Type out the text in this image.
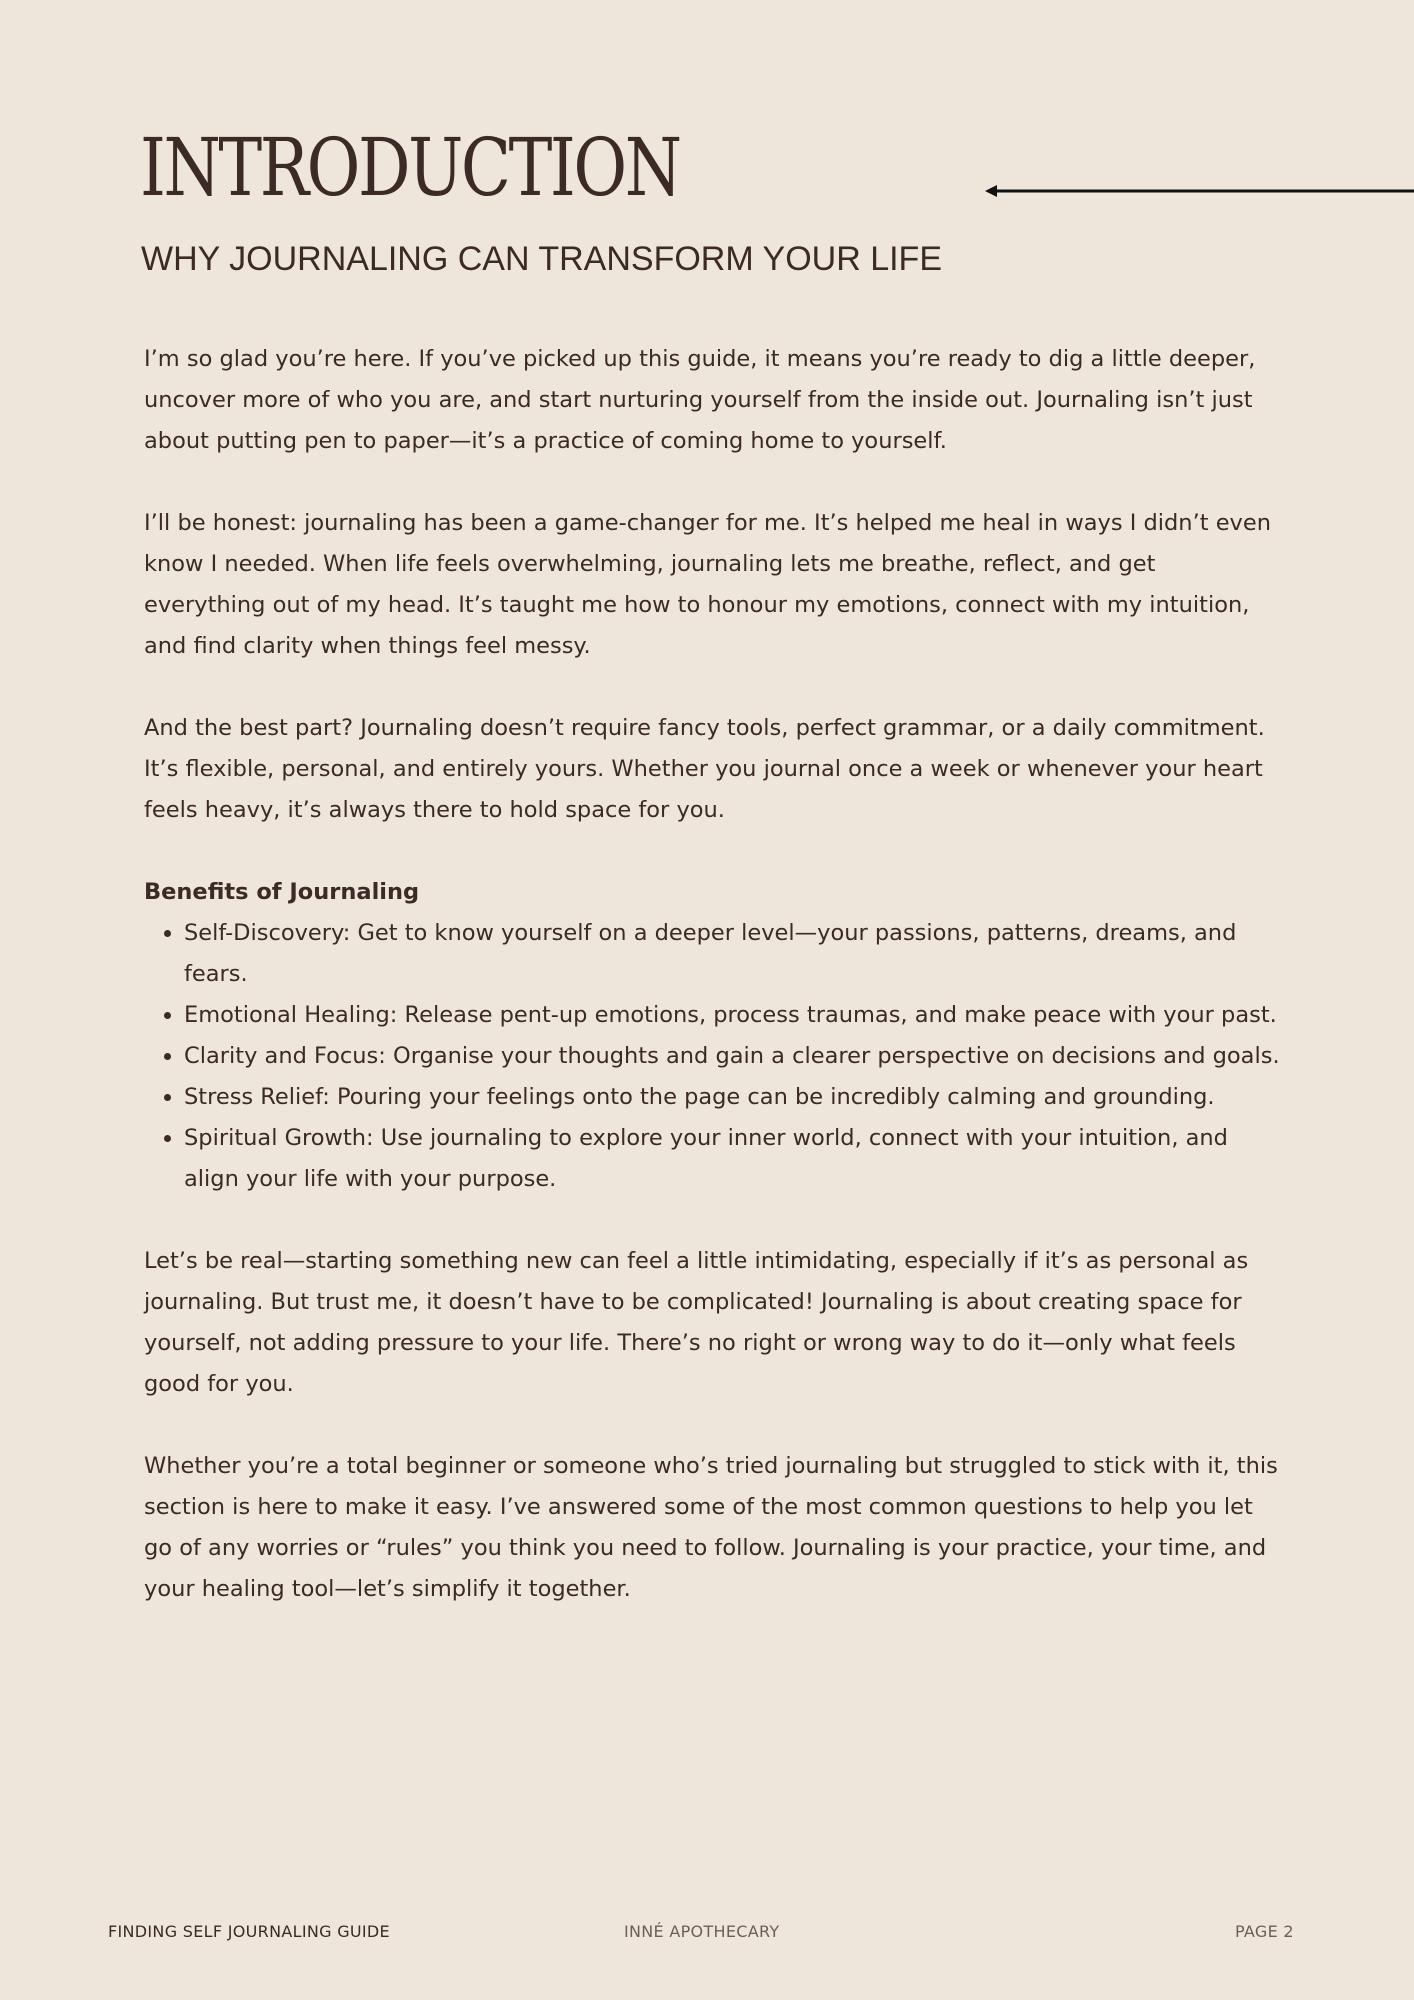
INTRODUCTION
WHY JOURNALING CAN TRANSFORM YOUR LIFE

I’m so glad you’re here. If you’ve picked up this guide, it means you’re ready to dig a little deeper, uncover more of who you are, and start nurturing yourself from the inside out. Journaling isn’t just about putting pen to paper—it’s a practice of coming home to yourself.

I’ll be honest: journaling has been a game-changer for me. It’s helped me heal in ways I didn’t even know I needed. When life feels overwhelming, journaling lets me breathe, reflect, and get everything out of my head. It’s taught me how to honour my emotions, connect with my intuition, and find clarity when things feel messy.

And the best part? Journaling doesn’t require fancy tools, perfect grammar, or a daily commitment. It’s flexible, personal, and entirely yours. Whether you journal once a week or whenever your heart feels heavy, it’s always there to hold space for you.

Benefits of Journaling
• Self-Discovery: Get to know yourself on a deeper level—your passions, patterns, dreams, and fears.
• Emotional Healing: Release pent-up emotions, process traumas, and make peace with your past.
• Clarity and Focus: Organise your thoughts and gain a clearer perspective on decisions and goals.
• Stress Relief: Pouring your feelings onto the page can be incredibly calming and grounding.
• Spiritual Growth: Use journaling to explore your inner world, connect with your intuition, and align your life with your purpose.

Let’s be real—starting something new can feel a little intimidating, especially if it’s as personal as journaling. But trust me, it doesn’t have to be complicated! Journaling is about creating space for yourself, not adding pressure to your life. There’s no right or wrong way to do it—only what feels good for you.

Whether you’re a total beginner or someone who’s tried journaling but struggled to stick with it, this section is here to make it easy. I’ve answered some of the most common questions to help you let go of any worries or “rules” you think you need to follow. Journaling is your practice, your time, and your healing tool—let’s simplify it together.

FINDING SELF JOURNALING GUIDE	INNÉ APOTHECARY	PAGE 2
